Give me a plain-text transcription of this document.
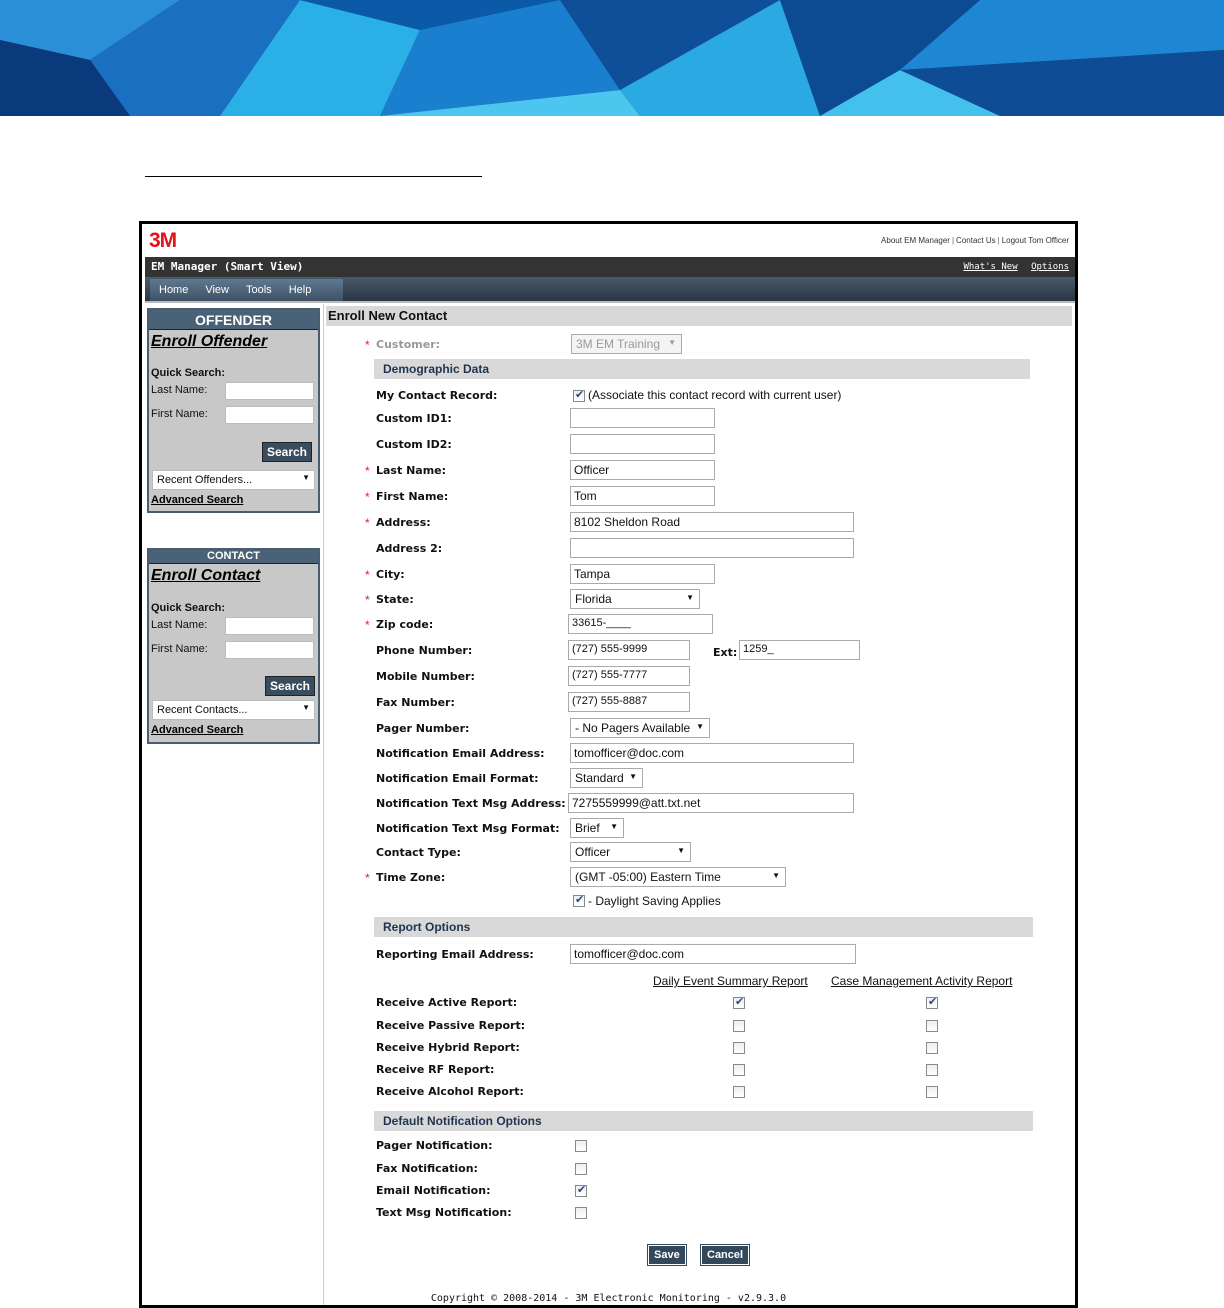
3M	About EM Manager | Contact Us | Logout Tom Officer
EM Manager (Smart View)	What's New Options
Home View Tools Help
OFFENDER
Enroll Offender
Quick Search:
Last Name:
First Name:
Search
Recent Offenders...	▼
Advanced Search
CONTACT
Enroll Contact
Quick Search:
Last Name:
First Name:
Search
Recent Contacts...	▼
Advanced Search
Enroll New Contact
* Customer:	3M EM Training ▼
Demographic Data
My Contact Record:
✔	(Associate this contact record with current user)
Custom ID1:
Custom ID2:
* Last Name:	Officer
* First Name:	Tom
* Address:	8102 Sheldon Road
Address 2:
* City:	Tampa
* State:	Florida	▼
* Zip code:	33615-____
Phone Number:	(727) 555-9999	Ext: 1259_
Mobile Number:	(727) 555-7777
Fax Number:	(727) 555-8887
Pager Number:	- No Pagers Available ▼
Notification Email Address:	tomofficer@doc.com
Notification Email Format:	Standard ▼
Notification Text Msg Address: 7275559999@att.txt.net
Notification Text Msg Format:	Brief ▼
Contact Type:	Officer	▼
* Time Zone:	(GMT -05:00) Eastern Time	▼
✔
- Daylight Saving Applies
Report Options
Reporting Email Address:	tomofficer@doc.com
Daily Event Summary Report Case Management Activity Report
Receive Active Report:
✔
✔
Receive Passive Report:
Receive Hybrid Report:
Receive RF Report:
Receive Alcohol Report:
Default Notification Options
Pager Notification:
Fax Notification:
Email Notification:
✔
Text Msg Notification:
Save	Cancel
Copyright © 2008-2014 - 3M Electronic Monitoring - v2.9.3.0
